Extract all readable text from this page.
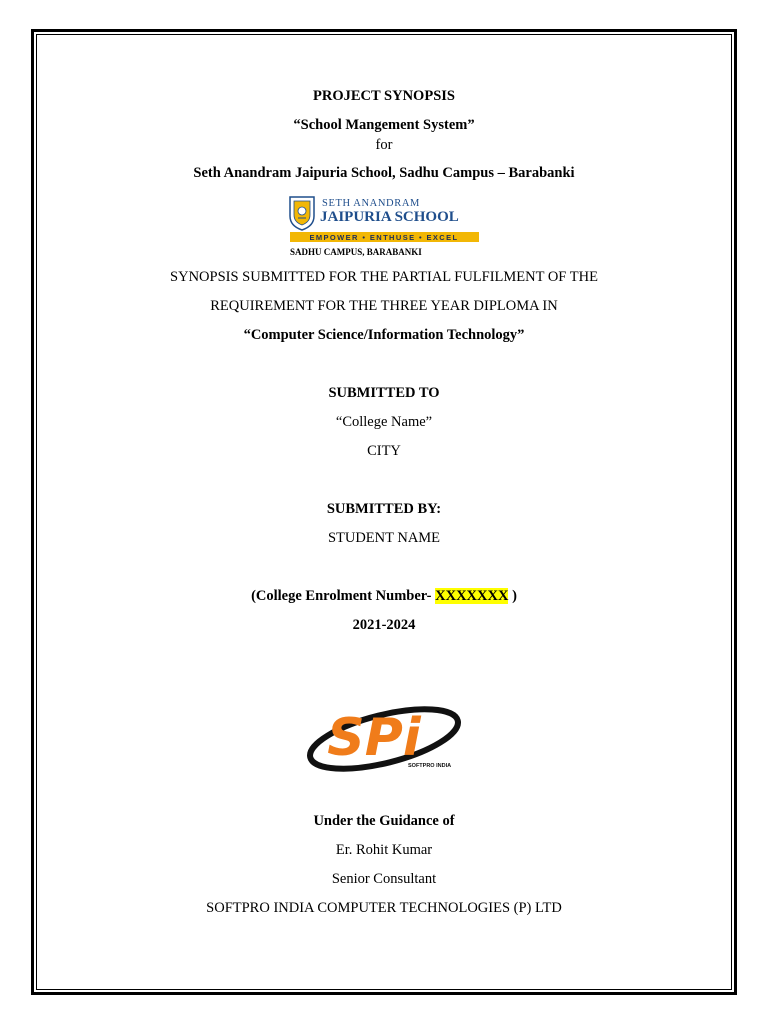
PROJECT SYNOPSIS
“School Mangement System”
for
Seth Anandram Jaipuria School, Sadhu Campus – Barabanki
SETH ANANDRAM
JAIPURIA SCHOOL
EMPOWER • ENTHUSE • EXCEL
SADHU CAMPUS, BARABANKI
SYNOPSIS SUBMITTED FOR THE PARTIAL FULFILMENT OF THE
REQUIREMENT FOR THE THREE YEAR DIPLOMA IN
“Computer Science/Information Technology”
SUBMITTED TO
“College Name”
CITY
SUBMITTED BY:
STUDENT NAME
(College Enrolment Number- XXXXXXX )
2021-2024
SPi
SOFTPRO INDIA
Under the Guidance of
Er. Rohit Kumar
Senior Consultant
SOFTPRO INDIA COMPUTER TECHNOLOGIES (P) LTD
